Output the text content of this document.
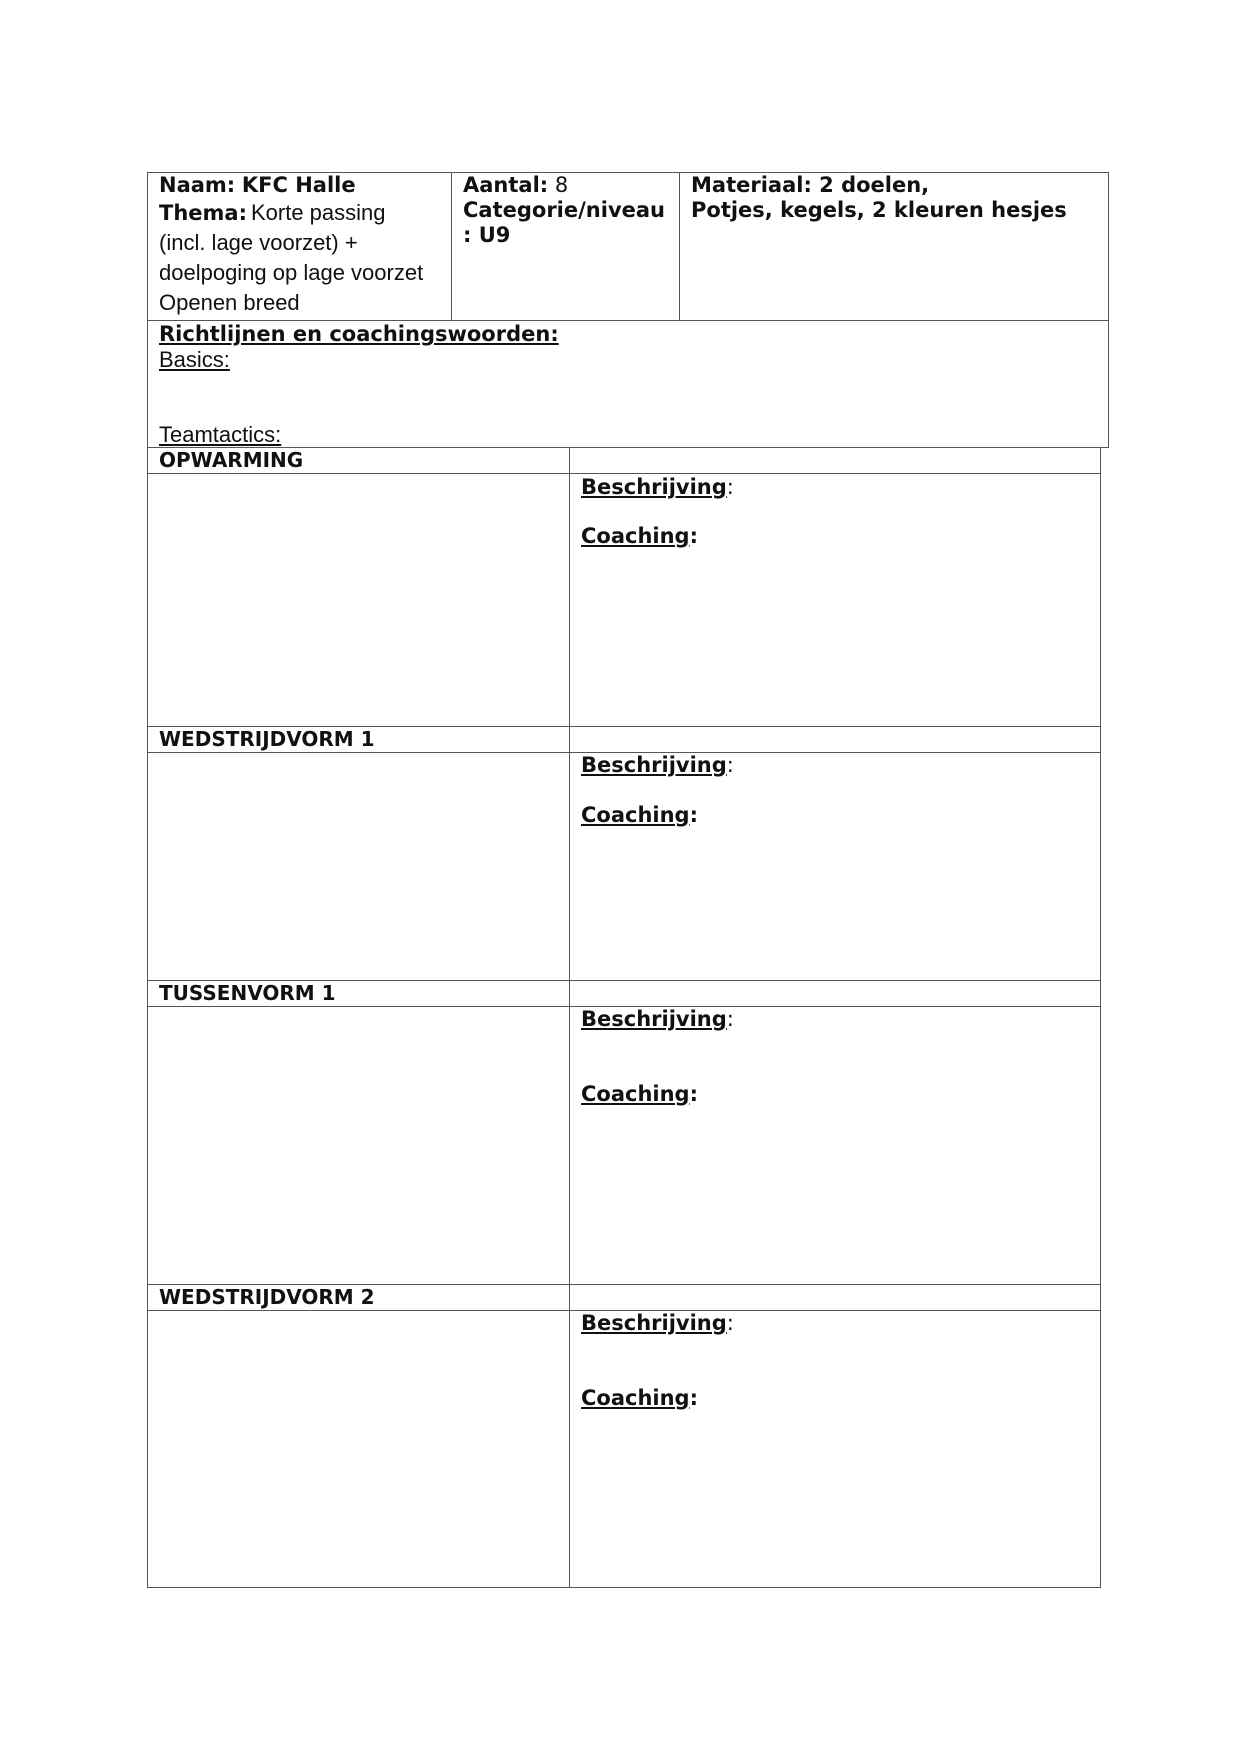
Naam: KFC Halle
Thema: Korte passing
(incl. lage voorzet) +
doelpoging op lage voorzet
Openen breed
Aantal: 8
Categorie/niveau
: U9
Materiaal: 2 doelen,
Potjes, kegels, 2 kleuren hesjes
Richtlijnen en coachingswoorden:
Basics:
Teamtactics:
OPWARMING
Beschrijving:
Coaching:
WEDSTRIJDVORM 1
Beschrijving:
Coaching:
TUSSENVORM 1
Beschrijving:
Coaching:
WEDSTRIJDVORM 2
Beschrijving:
Coaching:
